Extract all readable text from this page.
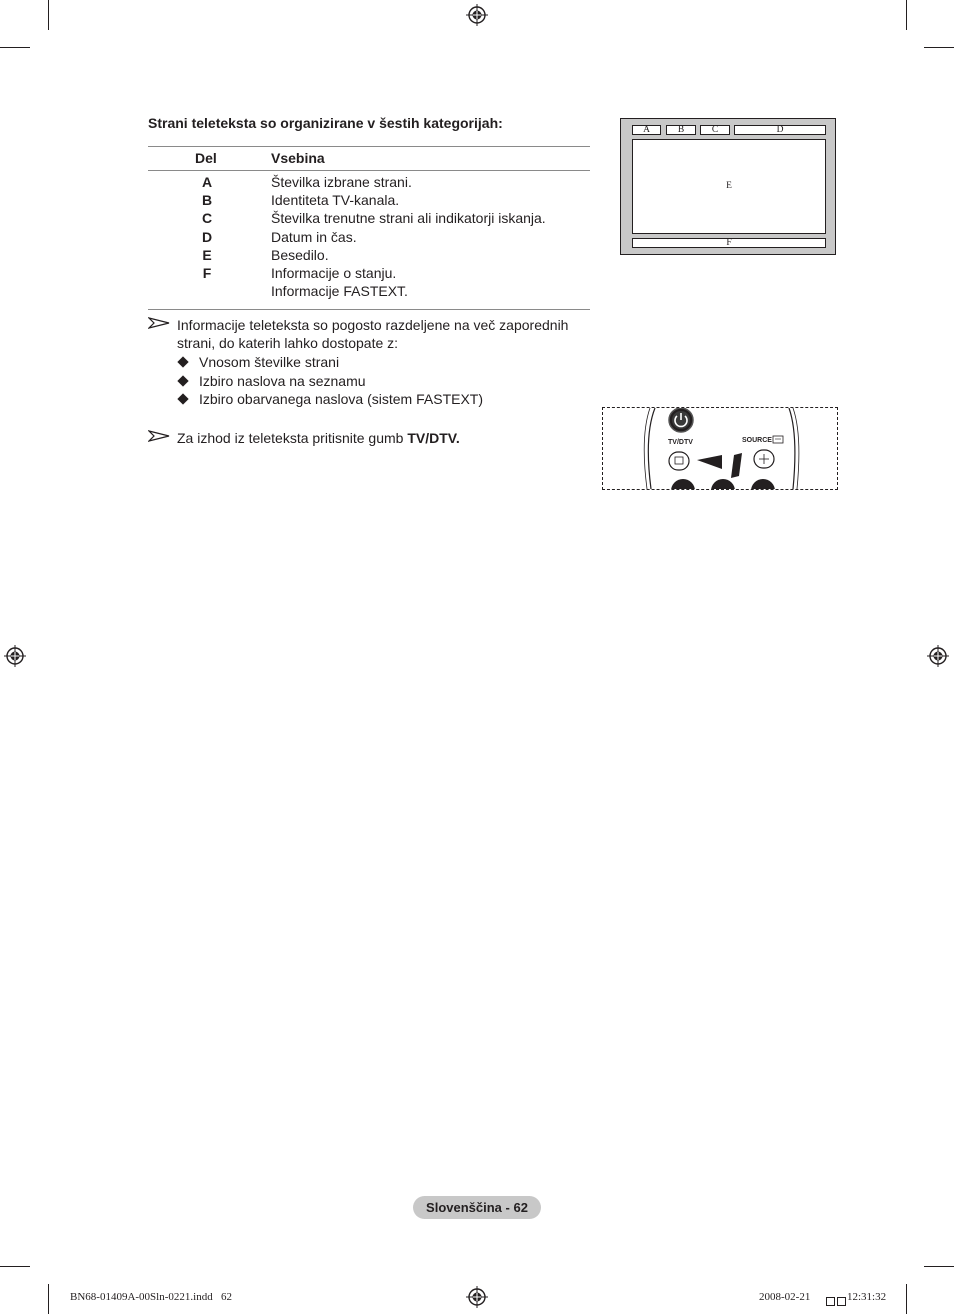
Strani teleteksta so organizirane v šestih kategorijah:
Del	Vsebina
A	Številka izbrane strani.
B	Identiteta TV-kanala.
C	Številka trenutne strani ali indikatorji iskanja.
D	Datum in čas.
E	Besedilo.
F	Informacije o stanju.
Informacije FASTEXT.
Informacije teleteksta so pogosto razdeljene na več zaporednih
strani, do katerih lahko dostopate z:
Vnosom številke strani
Izbiro naslova na seznamu
Izbiro obarvanega naslova (sistem FASTEXT)
Za izhod iz teleteksta pritisnite gumb TV/DTV.
A	B	C	D
E
F
TV/DTV	SOURCE
Slovenščina - 62
BN68-01409A-00Sln-0221.indd   62	2008-02-21	12:31:32
